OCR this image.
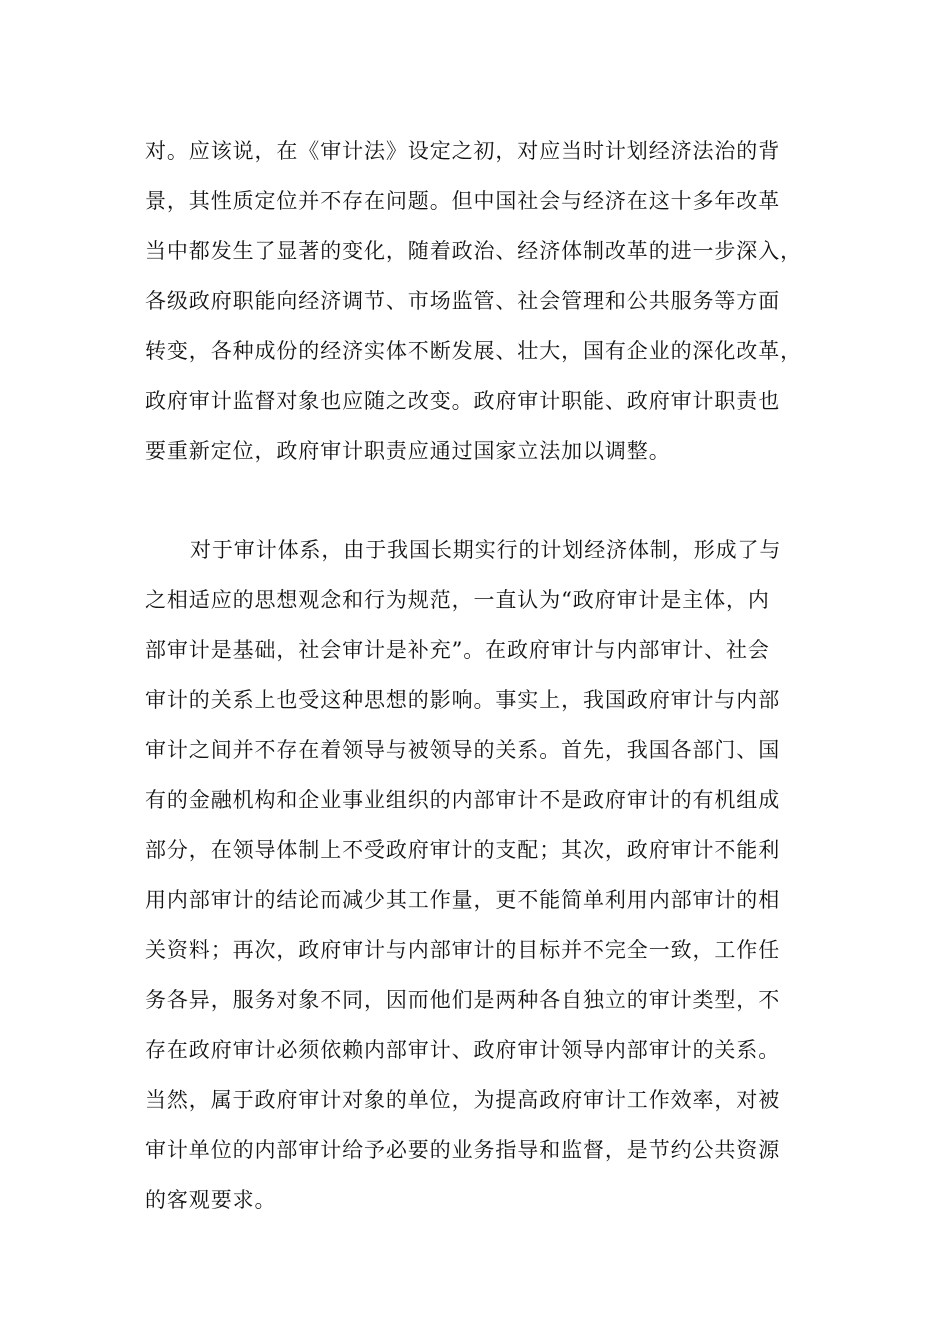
对。应该说，在《审计法》设定之初，对应当时计划经济法治的背
景，其性质定位并不存在问题。但中国社会与经济在这十多年改革
当中都发生了显著的变化，随着政治、经济体制改革的进一步深入，
各级政府职能向经济调节、市场监管、社会管理和公共服务等方面
转变，各种成份的经济实体不断发展、壮大，国有企业的深化改革，
政府审计监督对象也应随之改变。政府审计职能、政府审计职责也
要重新定位，政府审计职责应通过国家立法加以调整。
对于审计体系，由于我国长期实行的计划经济体制，形成了与
之相适应的思想观念和行为规范，一直认为“政府审计是主体，内
部审计是基础，社会审计是补充”。在政府审计与内部审计、社会
审计的关系上也受这种思想的影响。事实上，我国政府审计与内部
审计之间并不存在着领导与被领导的关系。首先，我国各部门、国
有的金融机构和企业事业组织的内部审计不是政府审计的有机组成
部分，在领导体制上不受政府审计的支配；其次，政府审计不能利
用内部审计的结论而减少其工作量，更不能简单利用内部审计的相
关资料；再次，政府审计与内部审计的目标并不完全一致，工作任
务各异，服务对象不同，因而他们是两种各自独立的审计类型，不
存在政府审计必须依赖内部审计、政府审计领导内部审计的关系。
当然，属于政府审计对象的单位，为提高政府审计工作效率，对被
审计单位的内部审计给予必要的业务指导和监督，是节约公共资源
的客观要求。
